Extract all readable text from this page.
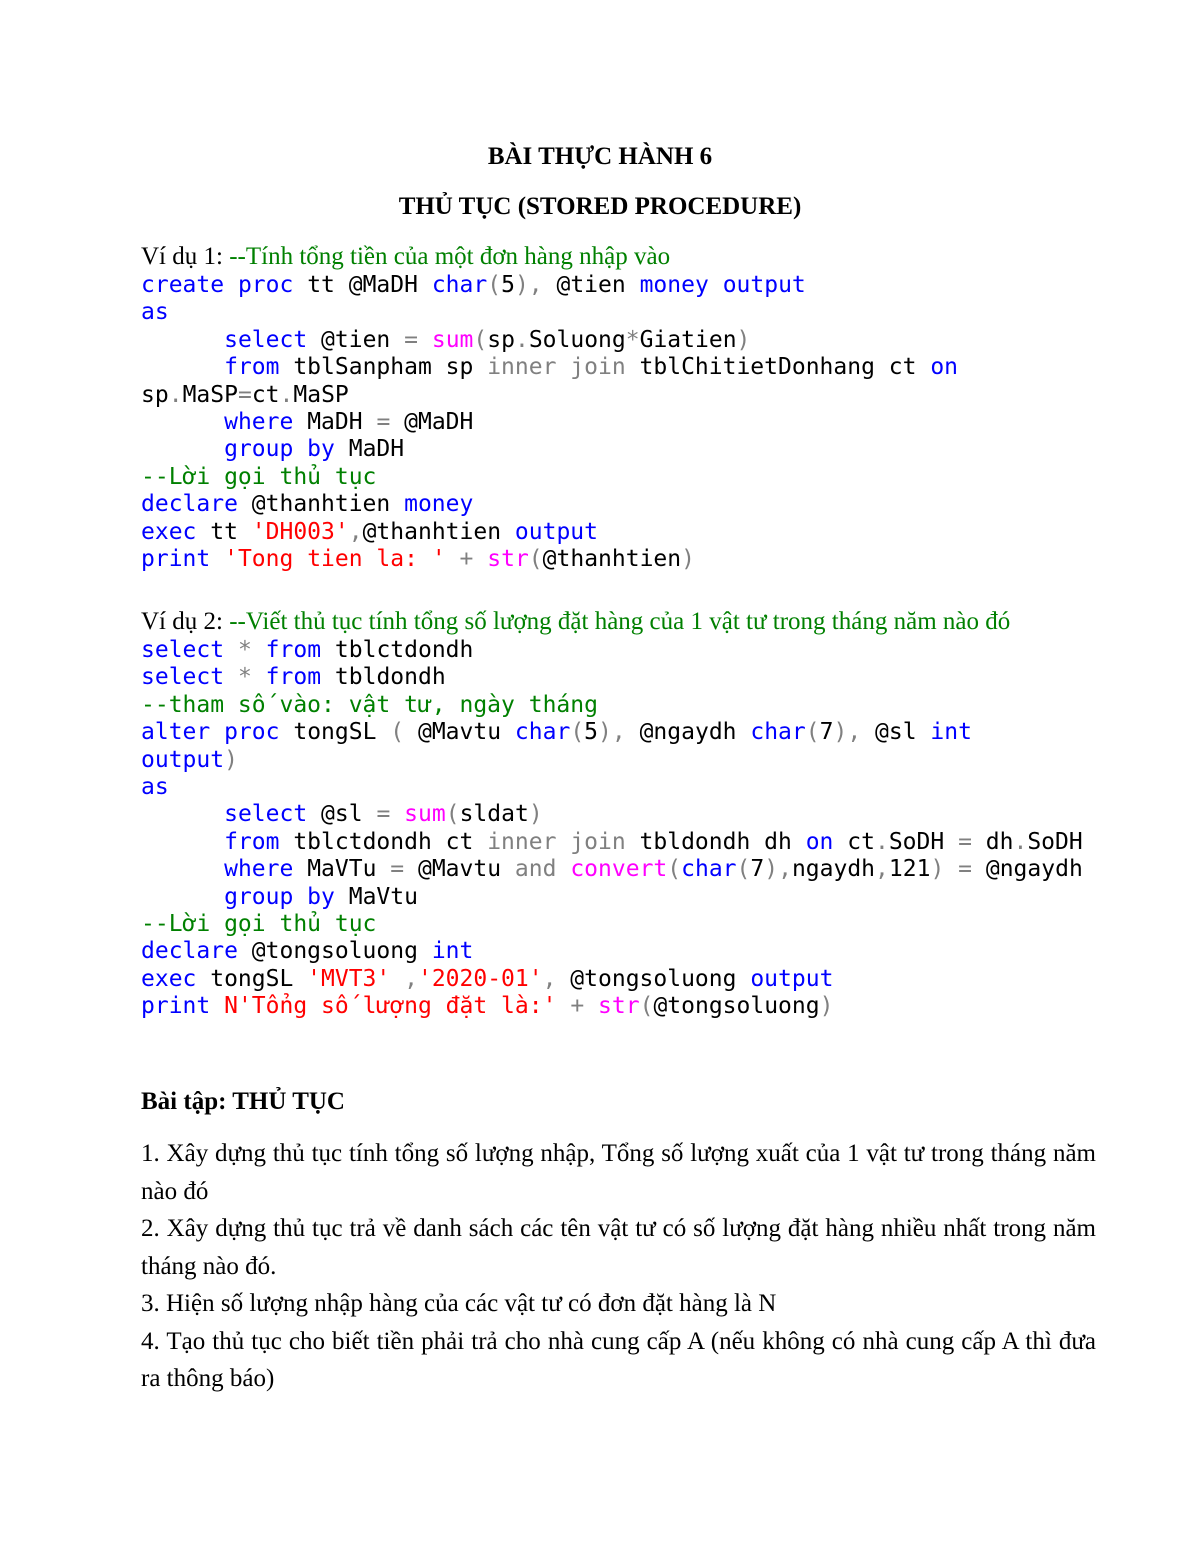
BÀI THỰC HÀNH 6
THỦ TỤC (STORED PROCEDURE)
Ví dụ 1: --Tính tổng tiền của một đơn hàng nhập vào
create proc tt @MaDH char(5), @tien money output
as
select @tien = sum(sp.Soluong*Giatien)
from tblSanpham sp inner join tblChitietDonhang ct on
sp.MaSP=ct.MaSP
where MaDH = @MaDH
group by MaDH
--Lời gọi thủ tục
declare @thanhtien money
exec tt 'DH003',@thanhtien output
print 'Tong tien la: ' + str(@thanhtien)
Ví dụ 2: --Viết thủ tục tính tổng số lượng đặt hàng của 1 vật tư trong tháng năm nào đó
select * from tblctdondh
select * from tbldondh
--tham số vào: vật tư, ngày tháng
alter proc tongSL ( @Mavtu char(5), @ngaydh char(7), @sl int
output)
as
select @sl = sum(sldat)
from tblctdondh ct inner join tbldondh dh on ct.SoDH = dh.SoDH
where MaVTu = @Mavtu and convert(char(7),ngaydh,121) = @ngaydh
group by MaVtu
--Lời gọi thủ tục
declare @tongsoluong int
exec tongSL 'MVT3' ,'2020-01', @tongsoluong output
print N'Tổng số lượng đặt là:' + str(@tongsoluong)
Bài tập: THỦ TỤC

1. Xây dựng thủ tục tính tổng số lượng nhập, Tổng số lượng xuất của 1 vật tư trong tháng năm nào đó

2. Xây dựng thủ tục trả về danh sách các tên vật tư có số lượng đặt hàng nhiều nhất trong năm tháng nào đó.

3. Hiện số lượng nhập hàng của các vật tư có đơn đặt hàng là N

4. Tạo thủ tục cho biết tiền phải trả cho nhà cung cấp A (nếu không có nhà cung cấp A thì đưa ra thông báo)
